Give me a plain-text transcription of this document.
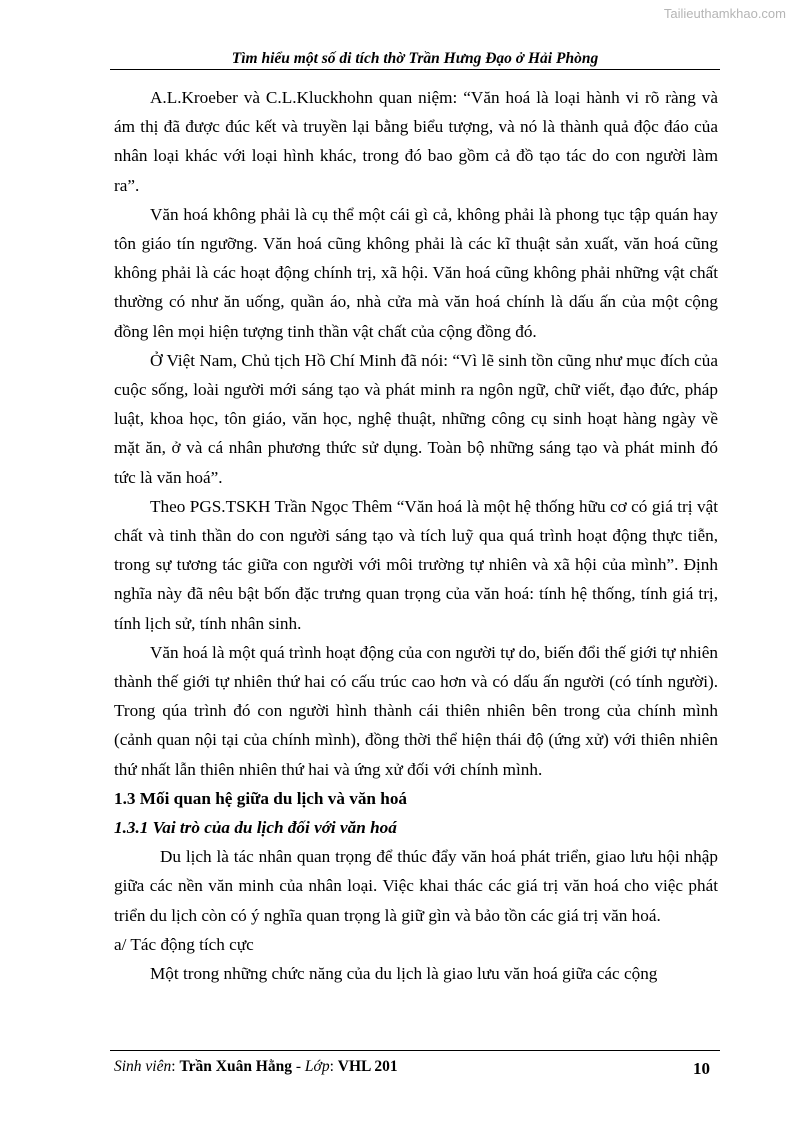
Tailieuthamkhao.com
Tìm hiểu một số di tích thờ Trần Hưng Đạo ở Hải Phòng

A.L.Kroeber và C.L.Kluckhohn quan niệm: “Văn hoá là loại hành vi rõ ràng và ám thị đã được đúc kết và truyền lại bằng biểu tượng, và nó là thành quả độc đáo của nhân loại khác với loại hình khác, trong đó bao gồm cả đồ tạo tác do con người làm ra”.

Văn hoá không phải là cụ thể một cái gì cả, không phải là phong tục tập quán hay tôn giáo tín ngưỡng. Văn hoá cũng không phải là các kĩ thuật sản xuất, văn hoá cũng không phải là các hoạt động chính trị, xã hội. Văn hoá cũng không phải những vật chất thường có như ăn uống, quần áo, nhà cửa mà văn hoá chính là dấu ấn của một cộng đồng lên mọi hiện tượng tinh thần vật chất của cộng đồng đó.

Ở Việt Nam, Chủ tịch Hồ Chí Minh đã nói: “Vì lẽ sinh tồn cũng như mục đích của cuộc sống, loài người mới sáng tạo và phát minh ra ngôn ngữ, chữ viết, đạo đức, pháp luật, khoa học, tôn giáo, văn học, nghệ thuật, những công cụ sinh hoạt hàng ngày về mặt ăn, ở và cá nhân phương thức sử dụng. Toàn bộ những sáng tạo và phát minh đó tức là văn hoá”.

Theo PGS.TSKH Trần Ngọc Thêm “Văn hoá là một hệ thống hữu cơ có giá trị vật chất và tinh thần do con người sáng tạo và tích luỹ qua quá trình hoạt động thực tiễn, trong sự tương tác giữa con người với môi trường tự nhiên và xã hội của mình”. Định nghĩa này đã nêu bật bốn đặc trưng quan trọng của văn hoá: tính hệ thống, tính giá trị, tính lịch sử, tính nhân sinh.

Văn hoá là một quá trình hoạt động của con người tự do, biến đổi thế giới tự nhiên thành thế giới tự nhiên thứ hai có cấu trúc cao hơn và có dấu ấn người (có tính người). Trong qúa trình đó con người hình thành cái thiên nhiên bên trong của chính mình (cảnh quan nội tại của chính mình), đồng thời thể hiện thái độ (ứng xử) với thiên nhiên thứ nhất lẫn thiên nhiên thứ hai và ứng xử đối với chính mình.

1.3 Mối quan hệ giữa du lịch và văn hoá

1.3.1 Vai trò của du lịch đối với văn hoá

Du lịch là tác nhân quan trọng để thúc đẩy văn hoá phát triển, giao lưu hội nhập giữa các nền văn minh của nhân loại. Việc khai thác các giá trị văn hoá cho việc phát triển du lịch còn có ý nghĩa quan trọng là giữ gìn và bảo tồn các giá trị văn hoá.

a/ Tác động tích cực

Một trong những chức năng của du lịch là giao lưu văn hoá giữa các cộng

Sinh viên: Trần Xuân Hằng - Lớp: VHL 201	10
